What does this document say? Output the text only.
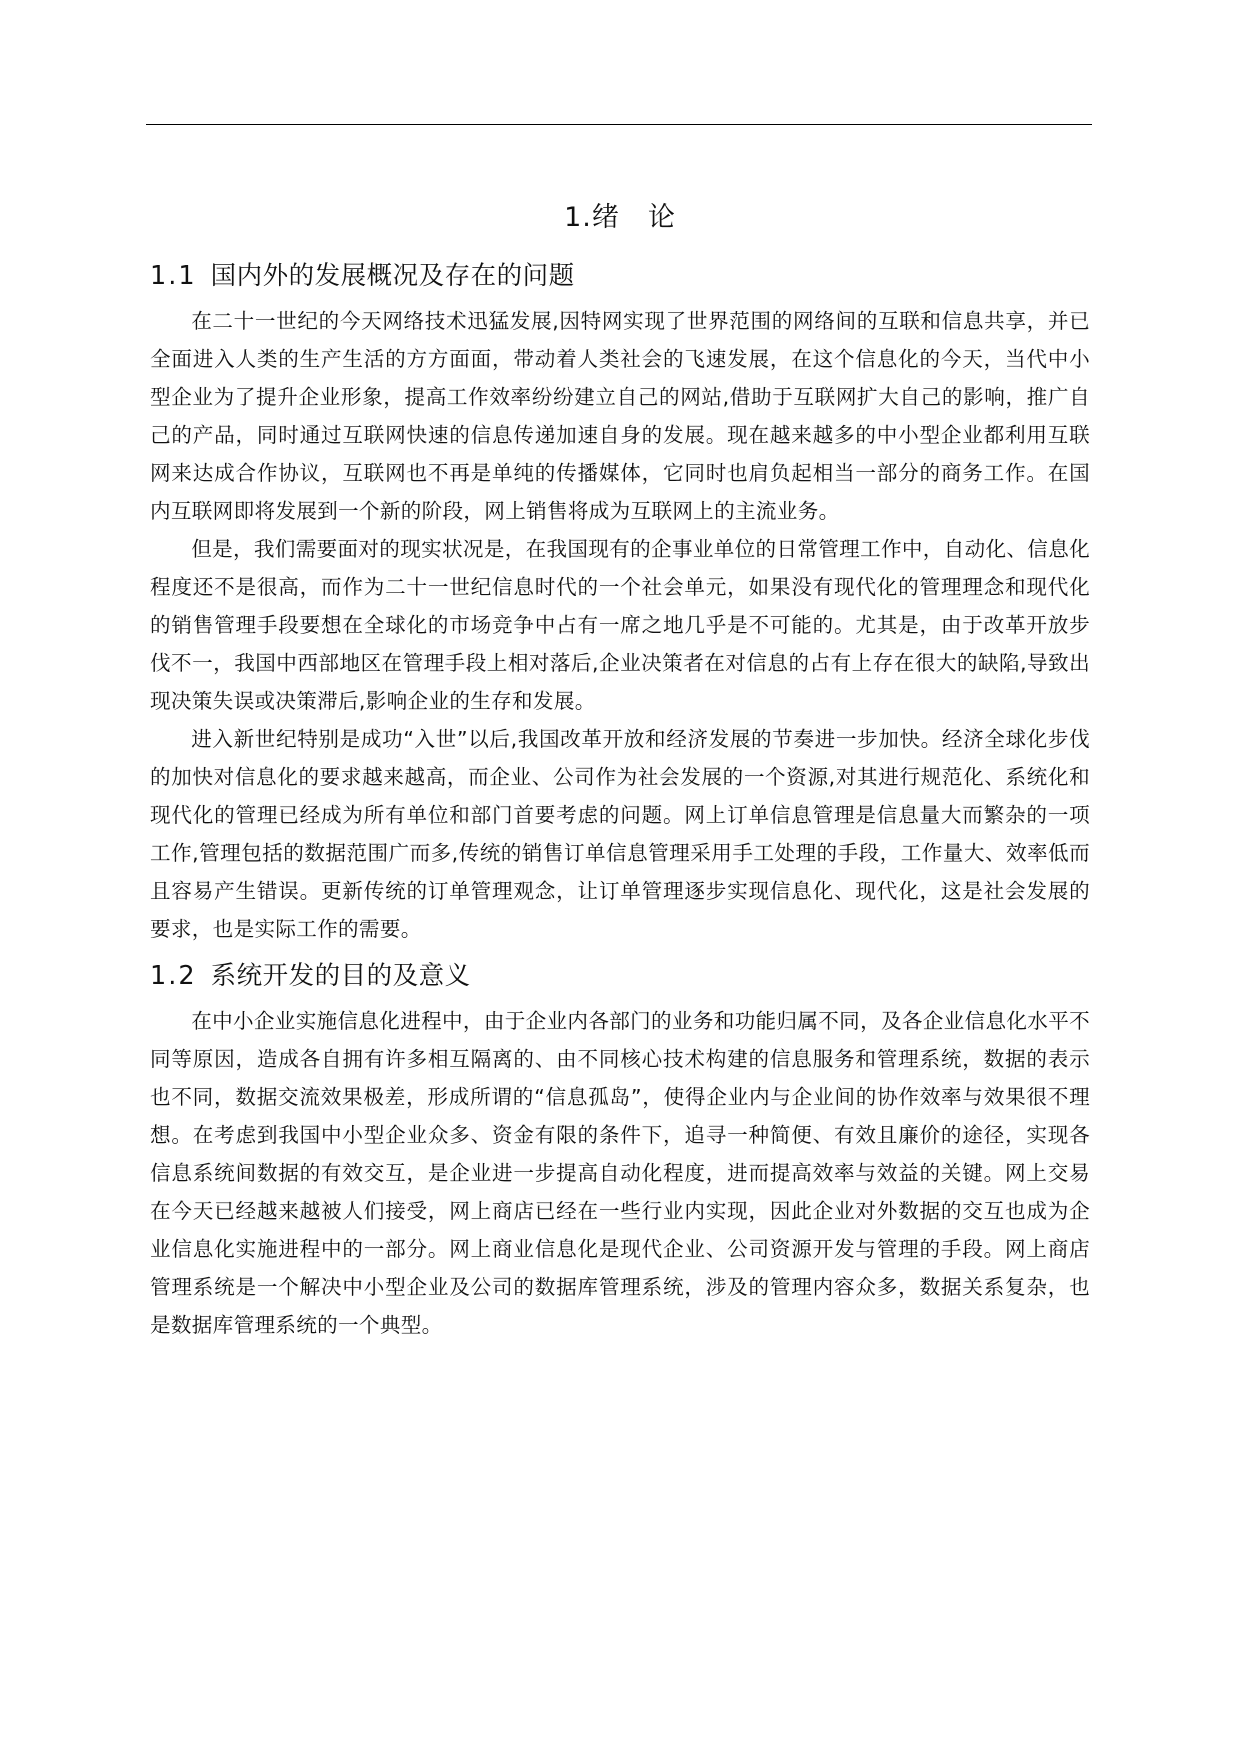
1.绪 论
1.1 国内外的发展概况及存在的问题

在二十一世纪的今天网络技术迅猛发展,因特网实现了世界范围的网络间的互联和信息共享，并已全面进入人类的生产生活的方方面面，带动着人类社会的飞速发展，在这个信息化的今天，当代中小型企业为了提升企业形象，提高工作效率纷纷建立自己的网站,借助于互联网扩大自己的影响，推广自己的产品，同时通过互联网快速的信息传递加速自身的发展。现在越来越多的中小型企业都利用互联网来达成合作协议，互联网也不再是单纯的传播媒体，它同时也肩负起相当一部分的商务工作。在国内互联网即将发展到一个新的阶段，网上销售将成为互联网上的主流业务。

但是，我们需要面对的现实状况是，在我国现有的企事业单位的日常管理工作中，自动化、信息化程度还不是很高，而作为二十一世纪信息时代的一个社会单元，如果没有现代化的管理理念和现代化的销售管理手段要想在全球化的市场竞争中占有一席之地几乎是不可能的。尤其是，由于改革开放步伐不一，我国中西部地区在管理手段上相对落后,企业决策者在对信息的占有上存在很大的缺陷,导致出现决策失误或决策滞后,影响企业的生存和发展。

进入新世纪特别是成功“入世”以后,我国改革开放和经济发展的节奏进一步加快。经济全球化步伐的加快对信息化的要求越来越高，而企业、公司作为社会发展的一个资源,对其进行规范化、系统化和现代化的管理已经成为所有单位和部门首要考虑的问题。网上订单信息管理是信息量大而繁杂的一项工作,管理包括的数据范围广而多,传统的销售订单信息管理采用手工处理的手段，工作量大、效率低而且容易产生错误。更新传统的订单管理观念，让订单管理逐步实现信息化、现代化，这是社会发展的要求，也是实际工作的需要。

1.2 系统开发的目的及意义

在中小企业实施信息化进程中，由于企业内各部门的业务和功能归属不同，及各企业信息化水平不同等原因，造成各自拥有许多相互隔离的、由不同核心技术构建的信息服务和管理系统，数据的表示也不同，数据交流效果极差，形成所谓的“信息孤岛”，使得企业内与企业间的协作效率与效果很不理想。在考虑到我国中小型企业众多、资金有限的条件下，追寻一种简便、有效且廉价的途径，实现各信息系统间数据的有效交互，是企业进一步提高自动化程度，进而提高效率与效益的关键。网上交易在今天已经越来越被人们接受，网上商店已经在一些行业内实现，因此企业对外数据的交互也成为企业信息化实施进程中的一部分。网上商业信息化是现代企业、公司资源开发与管理的手段。网上商店管理系统是一个解决中小型企业及公司的数据库管理系统，涉及的管理内容众多，数据关系复杂，也是数据库管理系统的一个典型。
